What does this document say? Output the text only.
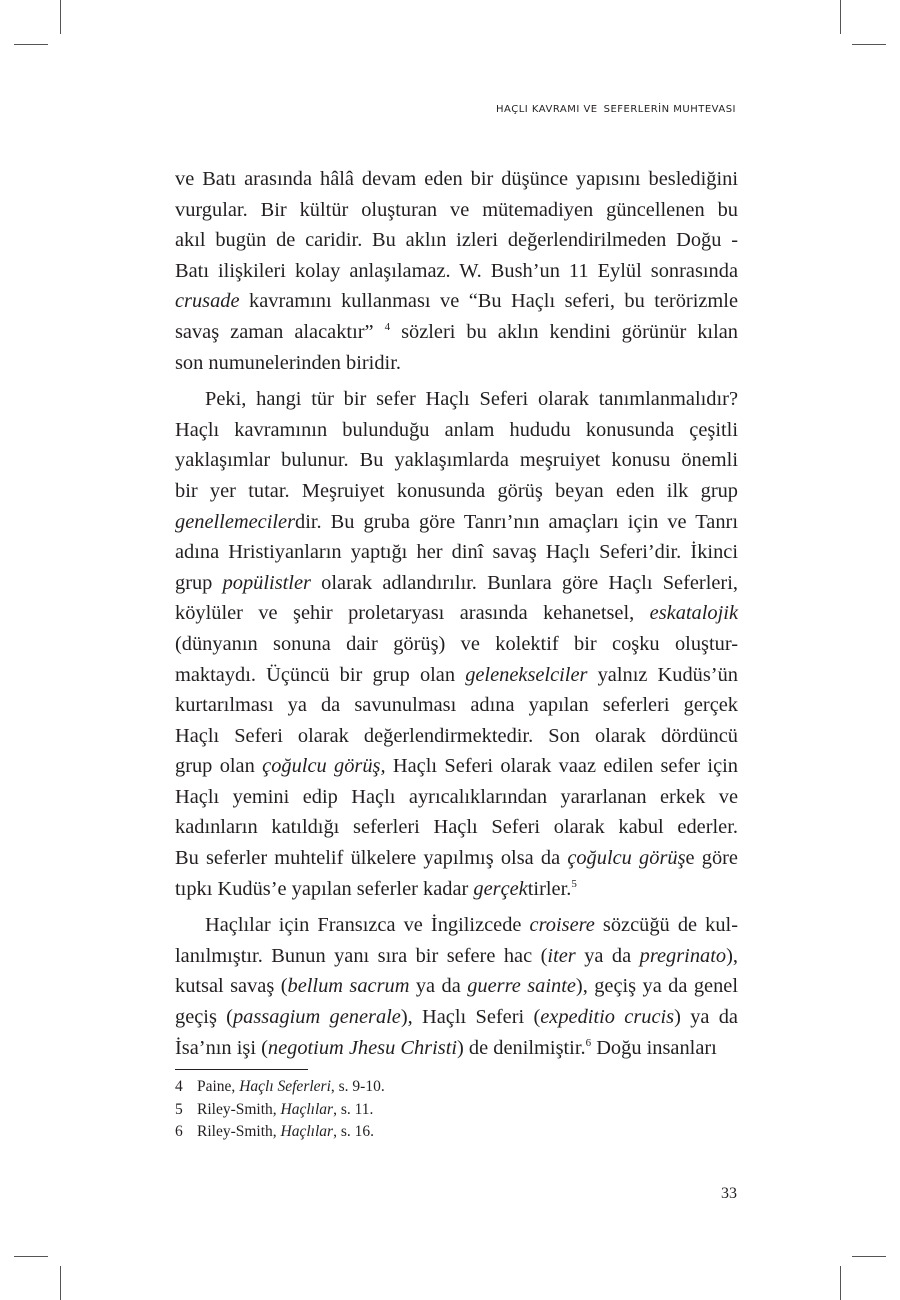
HAÇLI KAVRAMI VE SEFERLERİN MUHTEVASI
ve Batı arasında hâlâ devam eden bir düşünce yapısını beslediğini
vurgular. Bir kültür oluşturan ve mütemadiyen güncellenen bu
akıl bugün de caridir. Bu aklın izleri değerlendirilmeden Doğu -
Batı ilişkileri kolay anlaşılamaz. W. Bush’un 11 Eylül sonrasında
crusade kavramını kullanması ve “Bu Haçlı seferi, bu terörizmle
savaş zaman alacaktır” $^4$ sözleri bu aklın kendini görünür kılan
son numunelerinden biridir.
Peki, hangi tür bir sefer Haçlı Seferi olarak tanımlanmalıdır?
Haçlı kavramının bulunduğu anlam hududu konusunda çeşitli
yaklaşımlar bulunur. Bu yaklaşımlarda meşruiyet konusu önemli
bir yer tutar. Meşruiyet konusunda görüş beyan eden ilk grup
genellemecilerdir. Bu gruba göre Tanrı’nın amaçları için ve Tanrı
adına Hristiyanların yaptığı her dinî savaş Haçlı Seferi’dir. İkinci
grup popülistler olarak adlandırılır. Bunlara göre Haçlı Seferleri,
köylüler ve şehir proletaryası arasında kehanetsel, eskatalojik
(dünyanın sonuna dair görüş) ve kolektif bir coşku oluştur-
maktaydı. Üçüncü bir grup olan gelenekselciler yalnız Kudüs’ün
kurtarılması ya da savunulması adına yapılan seferleri gerçek
Haçlı Seferi olarak değerlendirmektedir. Son olarak dördüncü
grup olan çoğulcu görüş, Haçlı Seferi olarak vaaz edilen sefer için
Haçlı yemini edip Haçlı ayrıcalıklarından yararlanan erkek ve
kadınların katıldığı seferleri Haçlı Seferi olarak kabul ederler.
Bu seferler muhtelif ülkelere yapılmış olsa da çoğulcu görüşe göre
tıpkı Kudüs’e yapılan seferler kadar gerçektirler.$^5$
Haçlılar için Fransızca ve İngilizcede croisere sözcüğü de kul-
lanılmıştır. Bunun yanı sıra bir sefere hac (iter ya da pregrinato),
kutsal savaş (bellum sacrum ya da guerre sainte), geçiş ya da genel
geçiş (passagium generale), Haçlı Seferi (expeditio crucis) ya da
İsa’nın işi (negotium Jhesu Christi) de denilmiştir.$^6$ Doğu insanları
4 Paine, Haçlı Seferleri, s. 9-10.
5 Riley-Smith, Haçlılar, s. 11.
6 Riley-Smith, Haçlılar, s. 16.
33
